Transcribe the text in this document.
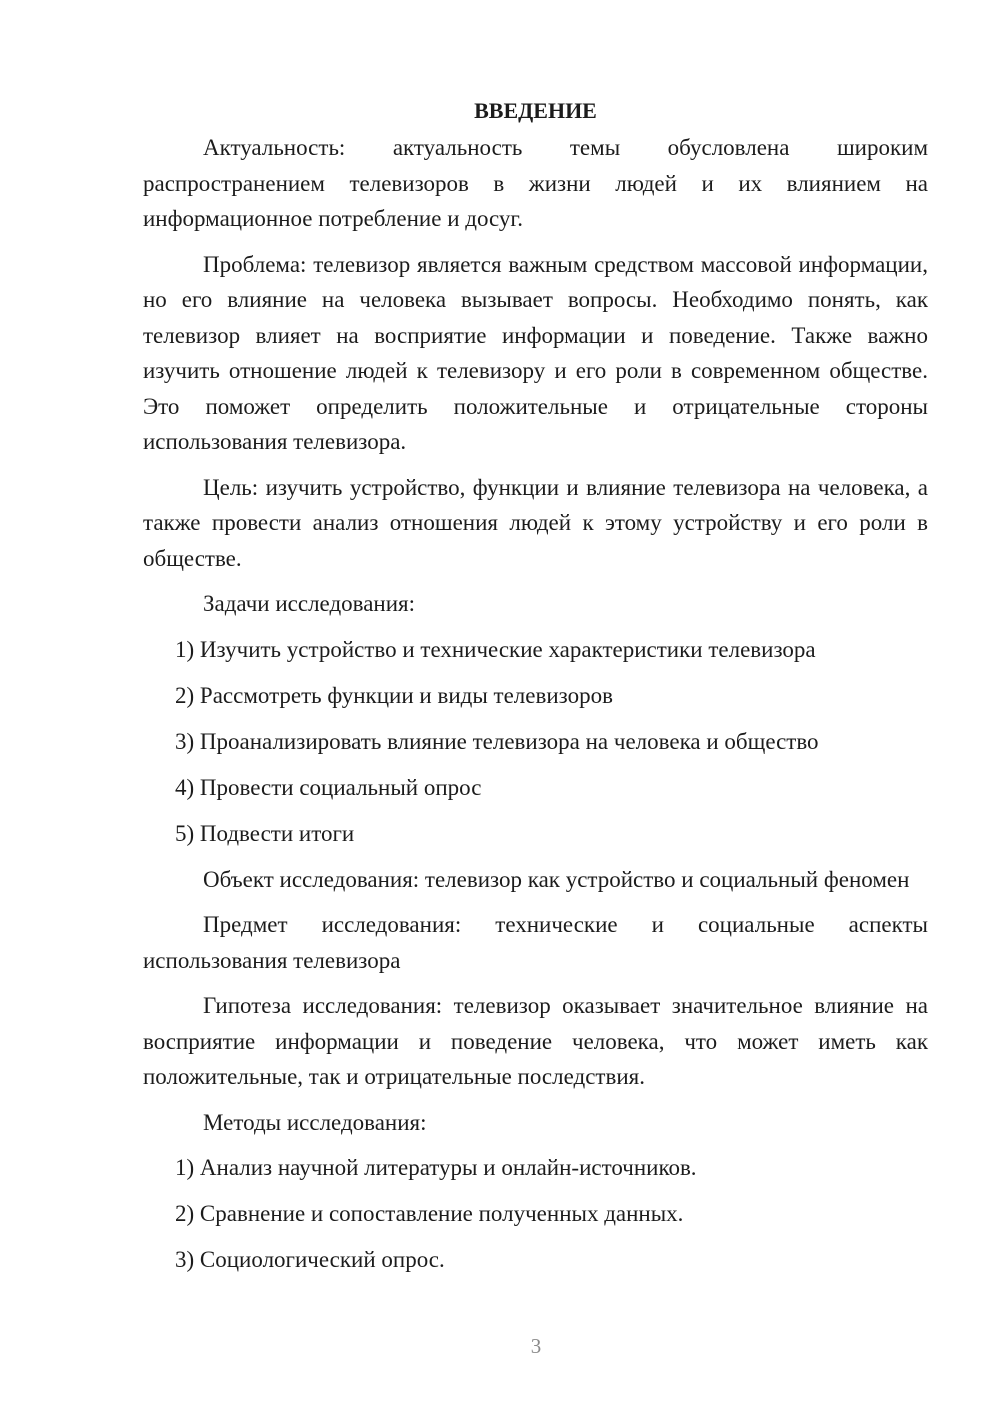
ВВЕДЕНИЕ

Актуальность: актуальность темы обусловлена широким распространением телевизоров в жизни людей и их влиянием на информационное потребление и досуг.

Проблема: телевизор является важным средством массовой информации, но его влияние на человека вызывает вопросы. Необходимо понять, как телевизор влияет на восприятие информации и поведение. Также важно изучить отношение людей к телевизору и его роли в современном обществе. Это поможет определить положительные и отрицательные стороны использования телевизора.

Цель: изучить устройство, функции и влияние телевизора на человека, а также провести анализ отношения людей к этому устройству и его роли в обществе.

Задачи исследования:

1) Изучить устройство и технические характеристики телевизора
2) Рассмотреть функции и виды телевизоров
3) Проанализировать влияние телевизора на человека и общество
4) Провести социальный опрос
5) Подвести итоги

Объект исследования: телевизор как устройство и социальный феномен

Предмет исследования: технические и социальные аспекты использования телевизора

Гипотеза исследования: телевизор оказывает значительное влияние на восприятие информации и поведение человека, что может иметь как положительные, так и отрицательные последствия.

Методы исследования:

1) Анализ научной литературы и онлайн-источников.
2) Сравнение и сопоставление полученных данных.
3) Социологический опрос.
3
